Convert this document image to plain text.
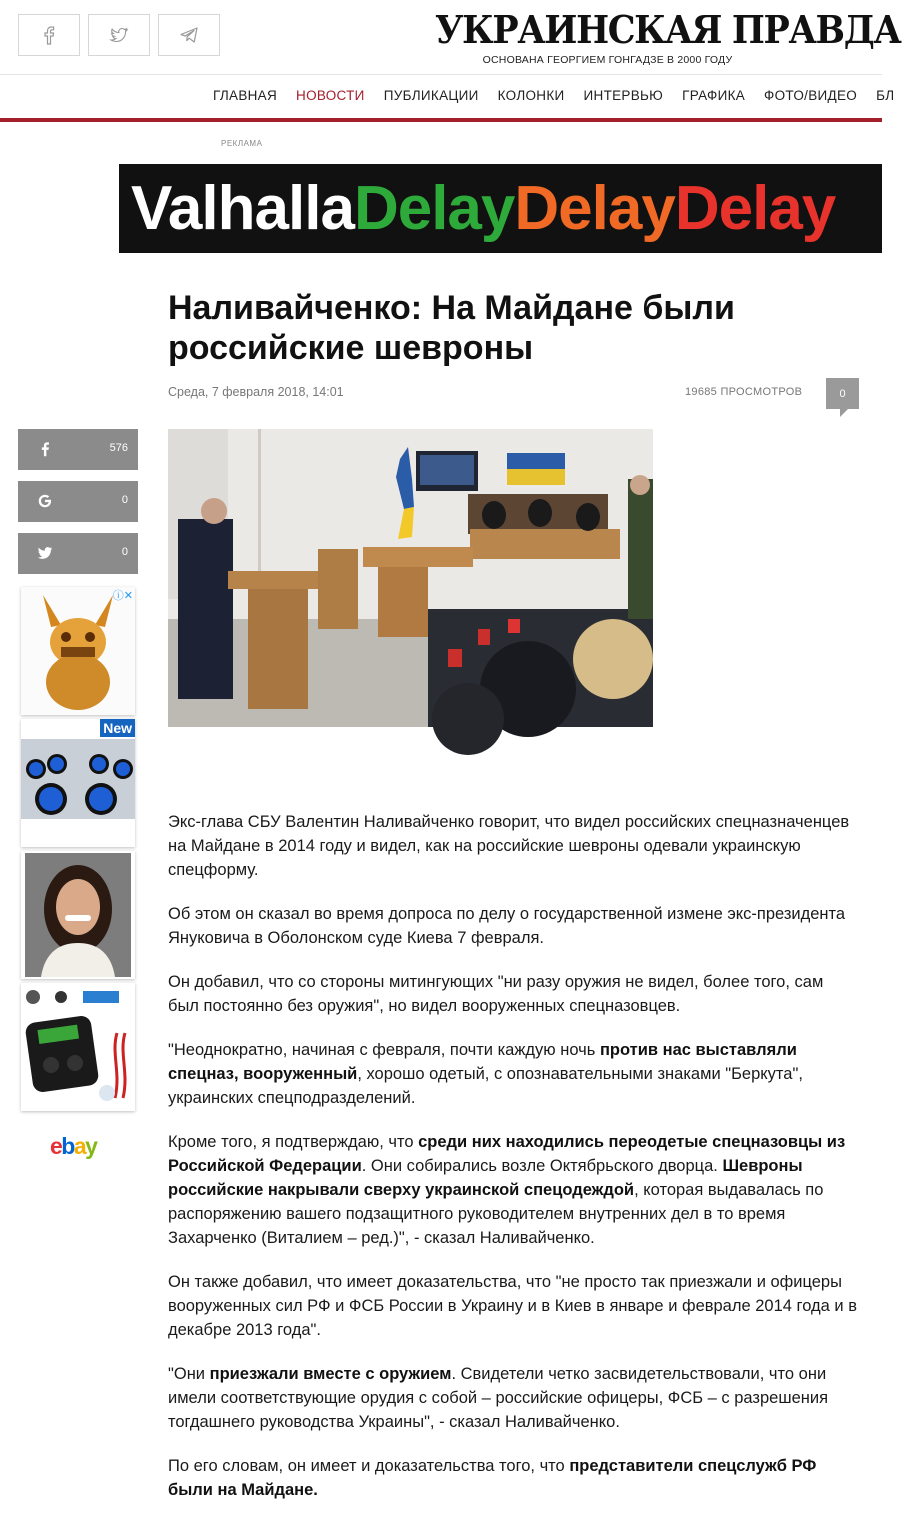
УКРАИНСКАЯ ПРАВДА
ОСНОВАНА ГЕОРГИЕМ ГОНГАДЗЕ В 2000 ГОДУ
ГЛАВНАЯ НОВОСТИ ПУБЛИКАЦИИ КОЛОНКИ ИНТЕРВЬЮ ГРАФИКА ФОТО/ВИДЕО БЛ
РЕКЛАМА
ValhallaDelayDelayDelay
Наливайченко: На Майдане были российские шевроны
Среда, 7 февраля 2018, 14:01	19685 ПРОСМОТРОВ	0
576
0
0
ⓘ✕
New
ebay

Экс-глава СБУ Валентин Наливайченко говорит, что видел российских спецназначенцев на Майдане в 2014 году и видел, как на российские шевроны одевали украинскую спецформу.

Об этом он сказал во время допроса по делу о государственной измене экс-президента Януковича в Оболонском суде Киева 7 февраля.

Он добавил, что со стороны митингующих "ни разу оружия не видел, более того, сам был постоянно без оружия", но видел вооруженных спецназовцев.

"Неоднократно, начиная с февраля, почти каждую ночь против нас выставляли спецназ, вооруженный, хорошо одетый, с опознавательными знаками "Беркута", украинских спецподразделений.

Кроме того, я подтверждаю, что среди них находились переодетые спецназовцы из Российской Федерации. Они собирались возле Октябрьского дворца. Шевроны российские накрывали сверху украинской спецодеждой, которая выдавалась по распоряжению вашего подзащитного руководителем внутренних дел в то время Захарченко (Виталием – ред.)", - сказал Наливайченко.

Он также добавил, что имеет доказательства, что "не просто так приезжали и офицеры вооруженных сил РФ и ФСБ России в Украину и в Киев в январе и феврале 2014 года и в декабре 2013 года".

"Они приезжали вместе с оружием. Свидетели четко засвидетельствовали, что они имели соответствующие орудия с собой – российские офицеры, ФСБ – с разрешения тогдашнего руководства Украины", - сказал Наливайченко.

По его словам, он имеет и доказательства того, что представители спецслужб РФ были на Майдане.
